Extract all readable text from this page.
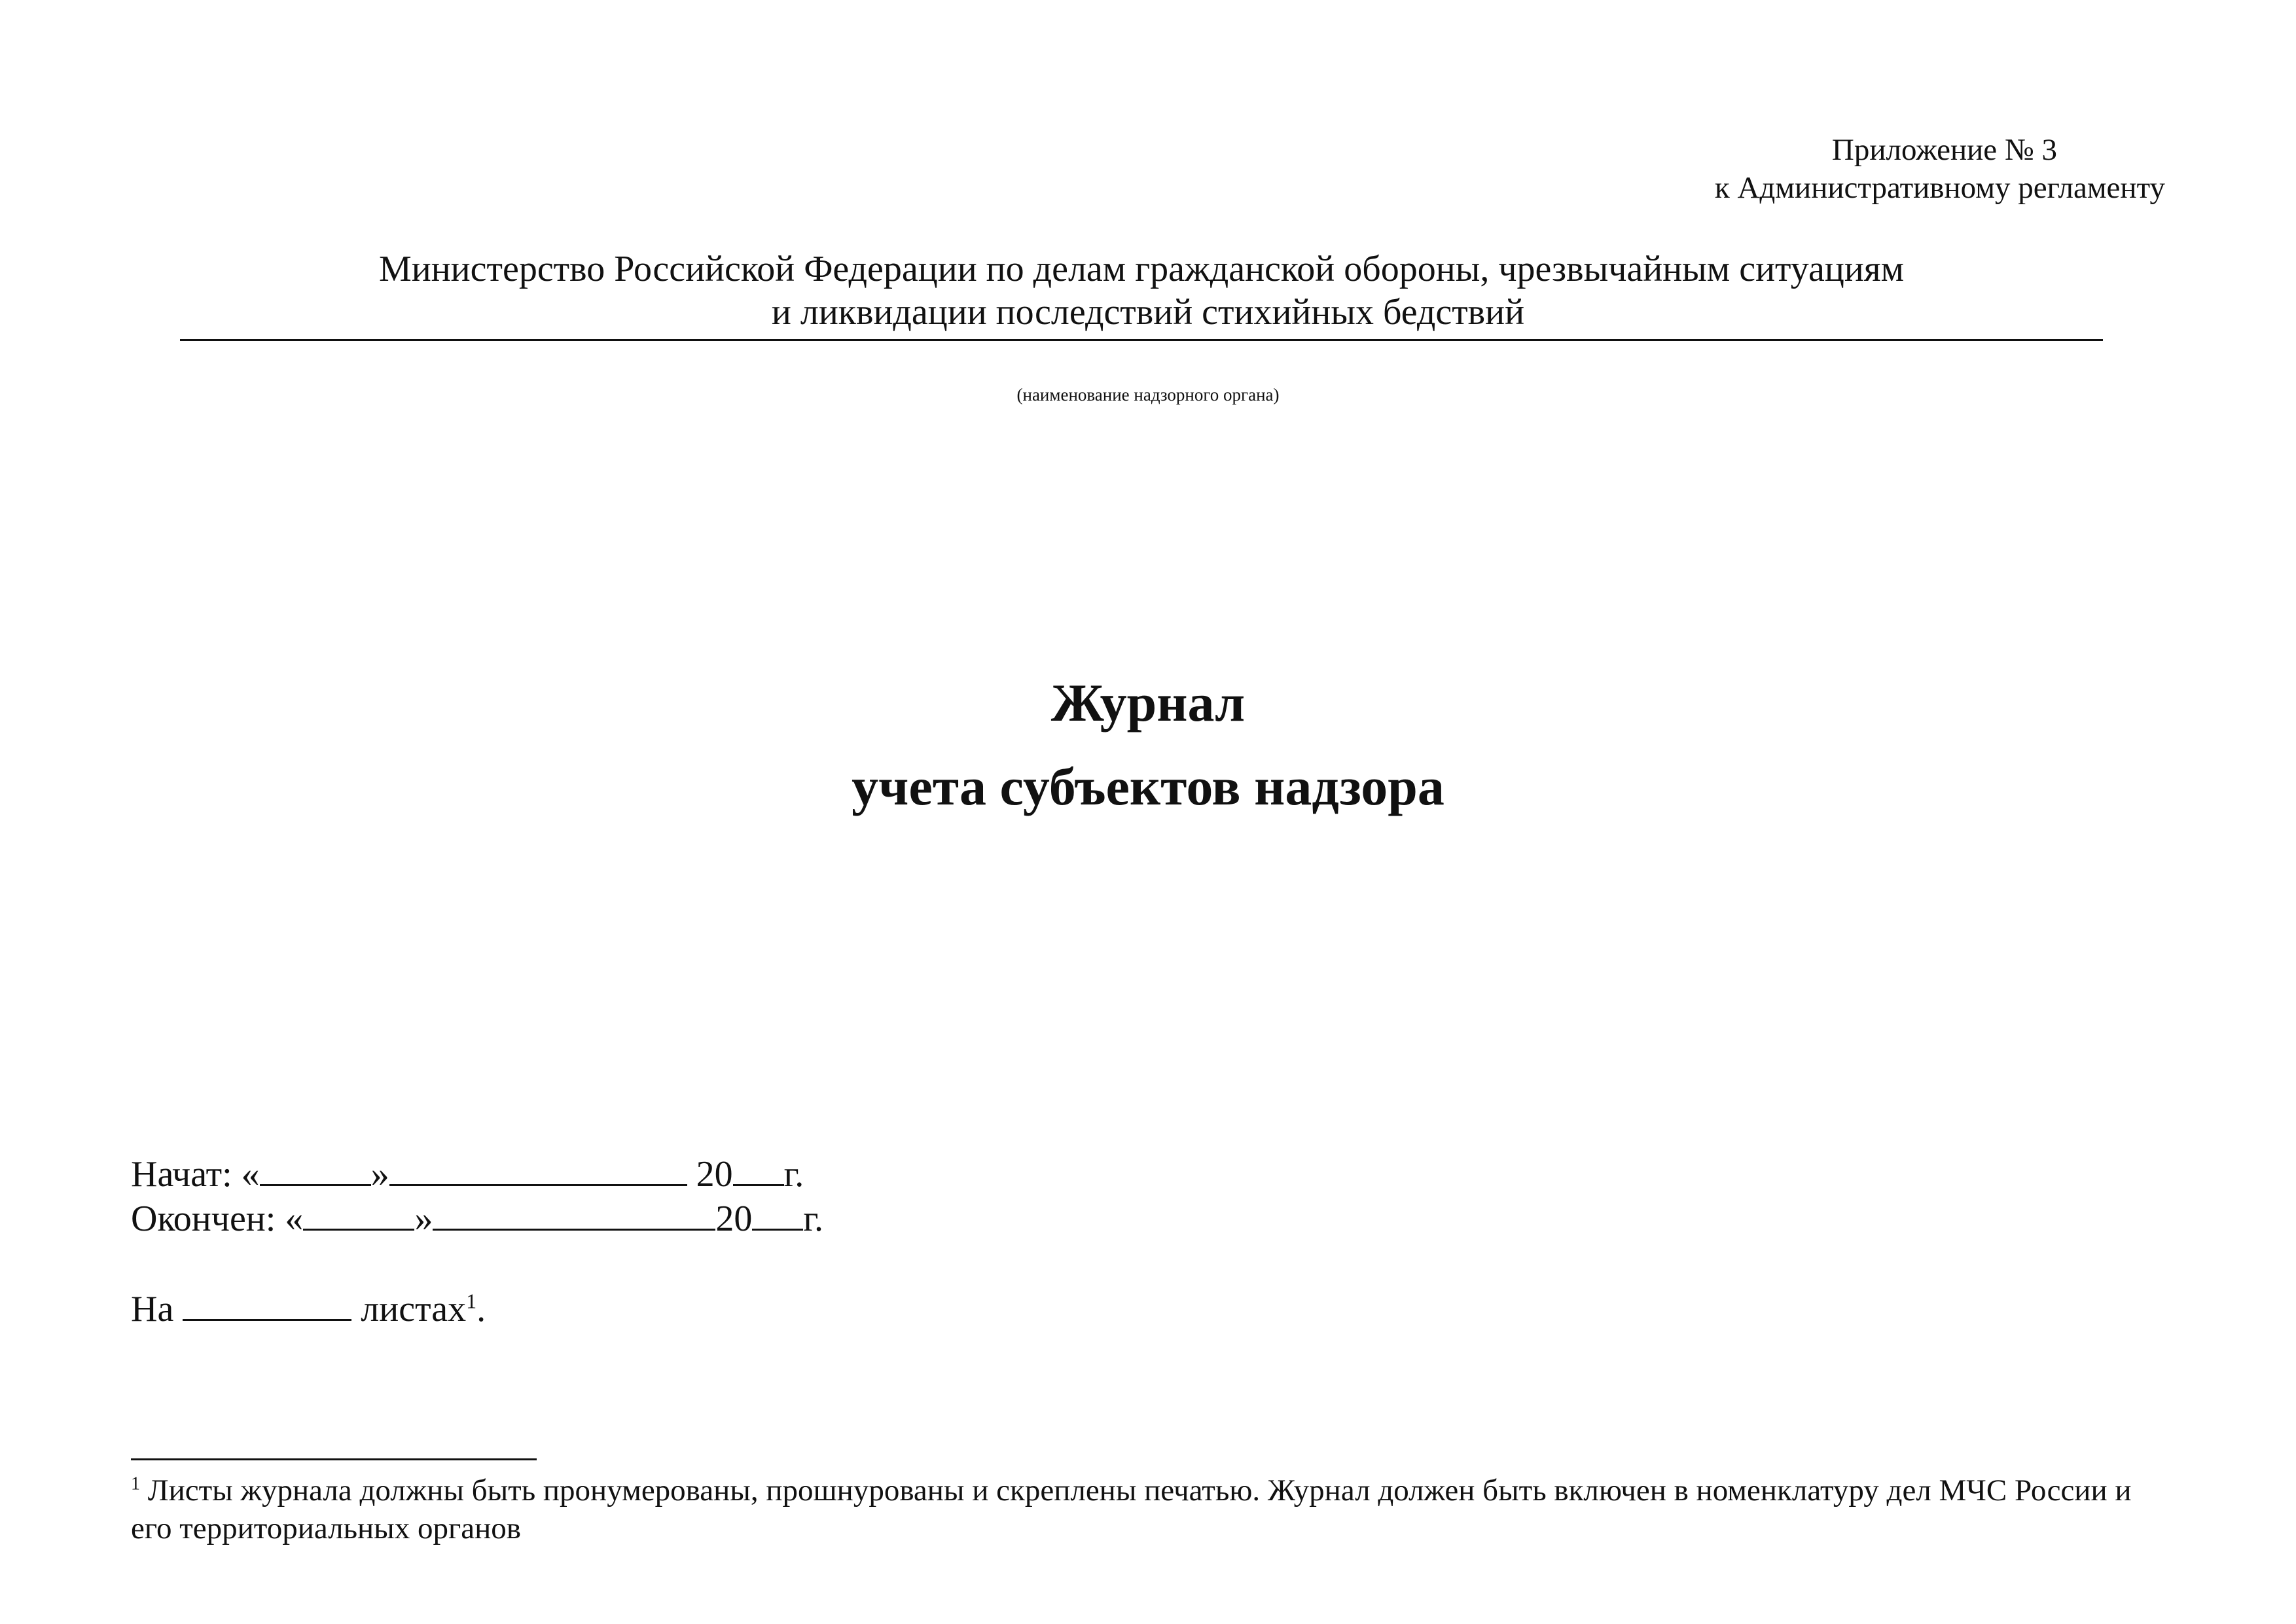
Приложение № 3
к Административному регламенту
Министерство Российской Федерации по делам гражданской обороны, чрезвычайным ситуациям
и ликвидации последствий стихийных бедствий
(наименование надзорного органа)
Журнал
учета субъектов надзора
Начат: «	»	20 г.
Окончен: «	»	20 г.
На	листах$^1$.
$^1$ Листы журнала должны быть пронумерованы, прошнурованы и скреплены печатью. Журнал должен быть включен в номенклатуру дел МЧС России и его территориальных органов
